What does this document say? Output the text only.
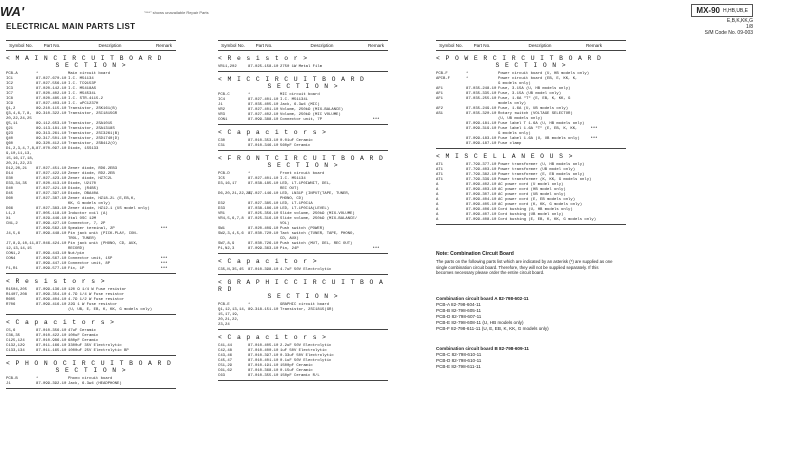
WA'	"***" shows unavailable Repair Parts	MX-90 H,HB,UB,E
E,B,K,KK,G
1/8
S/M Code No. 09-003
ELECTRICAL MAIN PARTS LIST
Symbol No.	Part No.	Description	Remark
< M A I N C I R C U I T B O A R D
S E C T I O N >
PCB-A	*	Main circuit board
IC1	87-027-670-10 I.C. M51134
IC2	87-027-556-10 I.C. TC9153P
IC3	87-020-142-10 I.C. M5418AS
IC7	87-020-402-10 I.C. M54534L
IC8	87-020-485-10 I.C. STR-4115-2
IC9	87-027-403-10 I.C. uPC1237H
Q1,2	89-210-115-10 Transistor, 2SK161(B)
Q3,4,6,7,8,	89-310-322-10 Transistor, 2SC1815GR
20,22,24,25
Q5,11	89-112-653-10 Transistor, 2SA1015
Q21	89-113-181-10 Transistor, 2SA1318S
Q23	89-313-261-10 Transistor, 2SC3261(B)
Q40	89-317-501-10 Transistor, 2SD1740(D)
Q60	89-320-412-10 Transistor, 2SB412(O)
D1,2,3,4,7,8, 87-070-097-10 Diode, 1SS133
9,10,11,13,
15,16,17,18,
20,21,22,23
D12,20,21	87-027-451-10 Zener diode, RD6.2EB3
D14	87-027-422-10 Zener diode, RD2.2EB
D30	87-027-423-10 Zener diode, HZ7C2L
D33,34,35	87-020-413-10 Diode, U2170
D40	87-027-421-10 Diode, (R4B5)
D45	87-027-397-10 Diode, DBA40A
D60	87-027-387-10 Zener diode, HZ18-2L (E,EB,K,
KK, G models only)
D66	87-027-383-10 Zener diode, HZ12-1 (US model only)
L1,2	87-005-118-10 Inductor coil (A)
X1	87-029-446-10 Xtal OSC 12M
CN1,2	87-099-427-10 Connector, 7, 2P
87-099-562-10 Speaker terminal, 2P	***
J4,5,6	87-099-448-10 Pin jack unit (PICK-PLAY, CON-
TROL, TUNER)
J7,8,9,10,11, 87-046-424-10 Pin jack unit (PHONO, CD, AUX,
12,13,14,15	RECORD)
CON1,2	87-099-443-10 Nut/pin
CON4	87-099-567-10 Connector unit, 15P	***
87-099-447-10 Connector unit, 8P	***
F1,R1	87-099-577-10 Fix, 1P	***
< R e s i s t o r s >
R1504,205	87-099-136-10 120 Ω 1/4 W Fuse resistor
R1407,208	87-099-354-10 4.7Ω 1/4 W Fuse resistor
R605	87-099-404-10 4.7Ω 1/2 W Fuse resistor
R706	87-099-416-10 22Ω 1 W Fuse resistor
(U, UB, E, EB, K, KK, G models only)
< C a p a c i t o r s >
C5,6	87-010-356-10 47uF Ceramic
C36,35	87-010-422-10 100uF Ceramic
C125,124	87-010-986-10 680pF Ceramic
C132,129	87-011-166-10 3300uF 35V Electrolytic
C133,134	87-011-165-10 1000uF 25V Electrolytic BP
< P H O N O C I R C U I T B O A R D
S E C T I O N >
PCB-B	*	Phono circuit board
J1	87-099-392-10 Jack, 6.3w4 (HEADPHONE)
Symbol No.	Part No.	Description	Remark
< R e s i s t o r >
VR11,202	87-025-158-10 2750 1W Metal Film
< M I C C I R C U I T B O A R D
S E C T I O N >
PCB-C	*	MIC circuit board
IC4	87-027-401-10 I.C. M51134L
J1	87-035-405-10 Jack, 6.3w4 (MIC)
VR2	87-027-401-10 Volume, 250kΩ (MIX-BALANCE)
VR3	87-027-402-10 Volume, 250kΩ (MIC VOLUME)
CON1	87-099-388-10 Connector unit, 7P	***
< C a p a c i t o r s >
C30	87-010-353-10 0.01uF Ceramic
C31	87-010-346-10 560pF Ceramic
< F R O N T C I R C U I T B O A R D
S E C T I O N >
PCB-D	*	Front circuit board
IC5	87-027-401-10 I.C. M51134
D3,16,17	87-038-185-10 LED, LT-1P0IWNIT, DEL,
REC OUT)
D6,20,21,22,23,
87-027-146-10 LED, LN31P (INPUT(TAPE, TUNER,
PHONO, CD)
D32	87-027-385-10 LED, LT-1P0C1A
D33	87-038-186-10 LED, LT-1P0C1A(LEVEL)
VR1	87-025-356-10 Slide volume, 250kΩ (MIX-VOLUME)
VR4,5,6,7,8	87-025-316-10 Slide volume, 250kΩ (MIX-BALANCE/
VOL)
SW1	87-020-409-10 Push switch (POWER)
SW2,3,4,5,6	87-030-720-10 Tact switch (TUNER, TAPE, PHONO,
CD, AUX)
SW7,8,9	87-030-726-10 Push switch (MUT, DEL, REC OUT)
P1,N2,3	87-099-363-10 Pin, 24P	***
< C a p a c i t o r >
C35,N,35,45	87-010-398-10 4.7uF 50V Electrolytic
< G R A P H I C C I R C U I T B O A R D
S E C T I O N >
PCB-E	*	GRAPHIC circuit board
Q1,12,13,14, 89-318-151-10 Transistor, 2SC1815(GR)
15,17,19,
20,21,22,
23,24
< C a p a c i t o r s >
C41,44	87-010-405-10 2.2uF 50V Electrolytic
C42,48	87-010-400-10 1uF 50V Electrolytic
C43,46	87-010-397-10 0.33uF 50V Electrolytic
C45,47	87-010-401-10 0.1uF 50V Electrolytic
C51,29	87-010-191-10 1500pF Ceramic
C61,62	87-010-368-10 0.15uF Ceramic
C63	87-010-355-10 150pF Ceramic R/L
Symbol No.	Part No.	Description	Remark
< P O W E R C I R C U I T B O A R D
S E C T I O N >
PCB-F	*	Power circuit board (U, HB models only)
APCB-F	*	Power circuit board (EB, E, KK, K,
G models only)
AF1	87-035-248-10 Fuse, 3.15A (U, HB models only)
AF1	87-035-335-10 Fuse, 3.15A (UB model only)
AF1	87-035-255-10 Fuse, 1.6A "T" (E, EB, K, KK, G
models only)
AF2	87-035-249-10 Fuse, 1.6A (U, UB models only)
AS1	87-035-320-10 Rotary switch (VOLTAGE SELECTOR)
(U, UB models only)
87-099-181-10 Fuse label T 1.6A (U, HB models only)
87-099-319-10 Fuse label 1.6A "T" (E, EB, K, KK,	***
G models only)
87-099-183-10 Fuse label 1.6A (U, UB models only)	***
87-099-187-10 Fuse clamp
< M I S C E L L A N E O U S >
AT1	87-799-377-10 Power transformer (U, HB models only)
AT1	87-799-403-10 Power transformer (UB model only)
AT1	87-799-382-10 Power transformer (E, EB models only)
AT1	87-799-339-10 Power transformer (K, KK, G models only)
A	87-099-402-10 AC power cord (U model only)
A	87-099-403-10 AC power cord (HB model only)
A	87-099-307-10 AC power cord (UB model only)
A	87-099-404-10 AC power cord (E, EB models only)
A	87-099-405-10 AC power cord (K, KK, G models only)
A	87-099-406-10 Cord bushing (U, HB models only)
A	87-099-407-10 Cord bushing (UB model only)
A	87-099-408-10 Cord bushing (E, EB, K, KK, G models only)
Note: Combination Circuit Board
The parts on the following parts list which are indicated by an asterisk (*) are supplied as one single combination circuit board. Therefore, they will not be supplied separately. If this becomes necessary please order the entire circuit board.
Combination circuit board A 82-798-602-11
PCB-A 82-798-604-11
PCB-B 82-798-605-11
PCB-D 82-798-607-11
PCB-E 82-798-608-11 (U, HB models only)
PCB-F 82-798-611-11 (U, E, EB, K, KK, G models only)
Combination circuit board B 82-798-609-11
PCB-C 82-798-610-11
PCB-D 82-798-610-11
PCB-E 82-798-611-11
